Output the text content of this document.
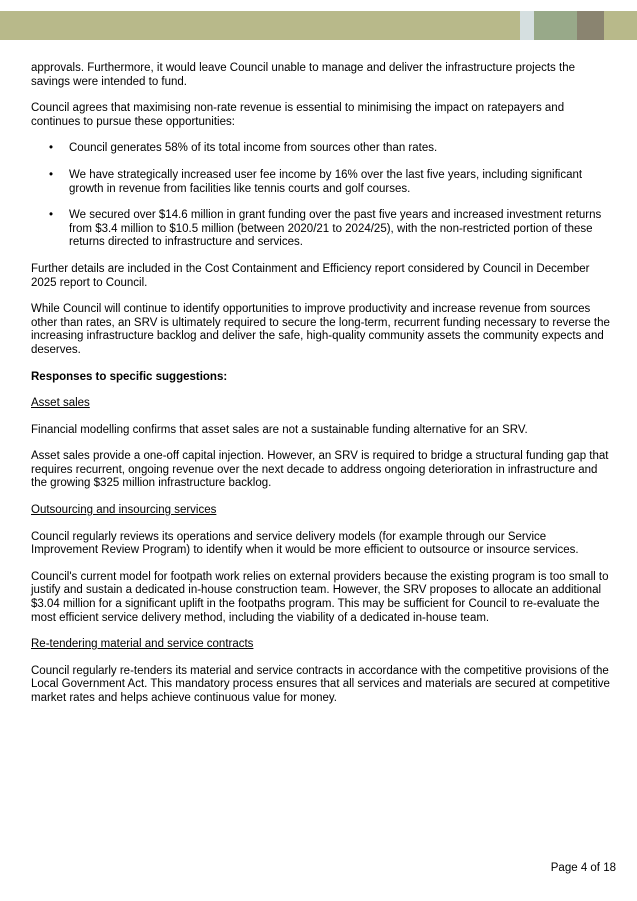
approvals. Furthermore, it would leave Council unable to manage and deliver the infrastructure projects the savings were intended to fund.

Council agrees that maximising non-rate revenue is essential to minimising the impact on ratepayers and continues to pursue these opportunities:

• Council generates 58% of its total income from sources other than rates.
• We have strategically increased user fee income by 16% over the last five years, including significant growth in revenue from facilities like tennis courts and golf courses.
• We secured over $14.6 million in grant funding over the past five years and increased investment returns from $3.4 million to $10.5 million (between 2020/21 to 2024/25), with the non-restricted portion of these returns directed to infrastructure and services.

Further details are included in the Cost Containment and Efficiency report considered by Council in December 2025 report to Council.

While Council will continue to identify opportunities to improve productivity and increase revenue from sources other than rates, an SRV is ultimately required to secure the long-term, recurrent funding necessary to reverse the increasing infrastructure backlog and deliver the safe, high-quality community assets the community expects and deserves.

Responses to specific suggestions:

Asset sales

Financial modelling confirms that asset sales are not a sustainable funding alternative for an SRV.

Asset sales provide a one-off capital injection. However, an SRV is required to bridge a structural funding gap that requires recurrent, ongoing revenue over the next decade to address ongoing deterioration in infrastructure and the growing $325 million infrastructure backlog.

Outsourcing and insourcing services

Council regularly reviews its operations and service delivery models (for example through our Service Improvement Review Program) to identify when it would be more efficient to outsource or insource services.

Council's current model for footpath work relies on external providers because the existing program is too small to justify and sustain a dedicated in-house construction team. However, the SRV proposes to allocate an additional $3.04 million for a significant uplift in the footpaths program. This may be sufficient for Council to re-evaluate the most efficient service delivery method, including the viability of a dedicated in-house team.

Re-tendering material and service contracts

Council regularly re-tenders its material and service contracts in accordance with the competitive provisions of the Local Government Act. This mandatory process ensures that all services and materials are secured at competitive market rates and helps achieve continuous value for money.

Page 4 of 18
